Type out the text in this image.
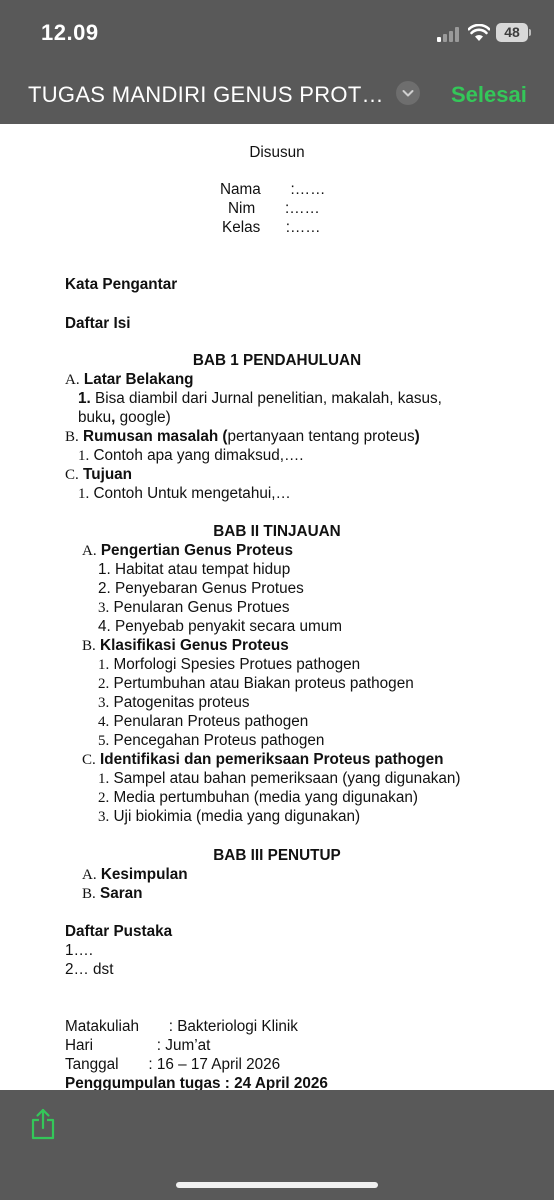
12.09	48
TUGAS MANDIRI GENUS PROT…	Selesai
Disusun
Nama       :……
Nim       :……
Kelas      :……
Kata Pengantar
Daftar Isi
BAB 1 PENDAHULUAN
A. Latar Belakang
1. Bisa diambil dari Jurnal penelitian, makalah, kasus,
buku, google)
B. Rumusan masalah (pertanyaan tentang proteus)
1. Contoh apa yang dimaksud,….
C. Tujuan
1. Contoh Untuk mengetahui,…
BAB II TINJAUAN
A. Pengertian Genus Proteus
1. Habitat atau tempat hidup
2. Penyebaran Genus Protues
3. Penularan Genus Protues
4. Penyebab penyakit secara umum
B. Klasifikasi Genus Proteus
1. Morfologi Spesies Protues pathogen
2. Pertumbuhan atau Biakan proteus pathogen
3. Patogenitas proteus
4. Penularan Proteus pathogen
5. Pencegahan Proteus pathogen
C. Identifikasi dan pemeriksaan Proteus pathogen
1. Sampel atau bahan pemeriksaan (yang digunakan)
2. Media pertumbuhan (media yang digunakan)
3. Uji biokimia (media yang digunakan)
BAB III PENUTUP
A. Kesimpulan
B. Saran
Daftar Pustaka
1….
2… dst
Matakuliah       : Bakteriologi Klinik
Hari               : Jum’at
Tanggal       : 16 – 17 April 2026
Penggumpulan tugas : 24 April 2026
